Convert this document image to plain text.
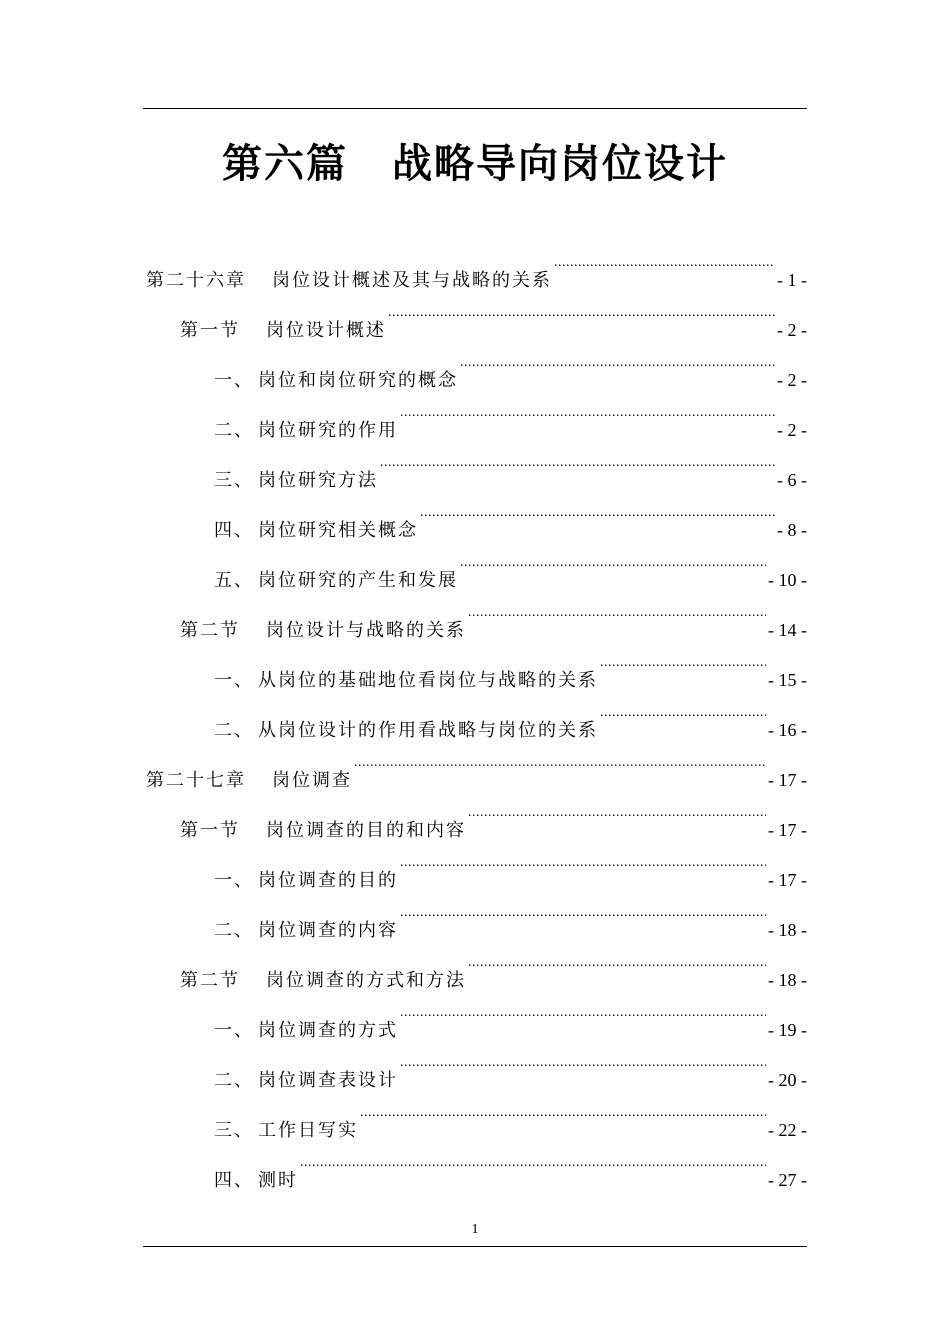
第六篇 战略导向岗位设计
第二十六章 岗位设计概述及其与战略的关系 .....	- 1 -
第一节 岗位设计概述 .....	- 2 -
一、 岗位和岗位研究的概念 .....	- 2 -
二、 岗位研究的作用 .....	- 2 -
三、 岗位研究方法 .....	- 6 -
四、 岗位研究相关概念 .....	- 8 -
五、 岗位研究的产生和发展 .....	- 10 -
第二节 岗位设计与战略的关系 .....	- 14 -
一、 从岗位的基础地位看岗位与战略的关系 .....	- 15 -
二、 从岗位设计的作用看战略与岗位的关系 .....	- 16 -
第二十七章 岗位调查 .....	- 17 -
第一节 岗位调查的目的和内容 .....	- 17 -
一、 岗位调查的目的 .....	- 17 -
二、 岗位调查的内容 .....	- 18 -
第二节 岗位调查的方式和方法 .....	- 18 -
一、 岗位调查的方式 .....	- 19 -
二、 岗位调查表设计 .....	- 20 -
三、 工作日写实 .....	- 22 -
四、 测时 .....	- 27 -
1
